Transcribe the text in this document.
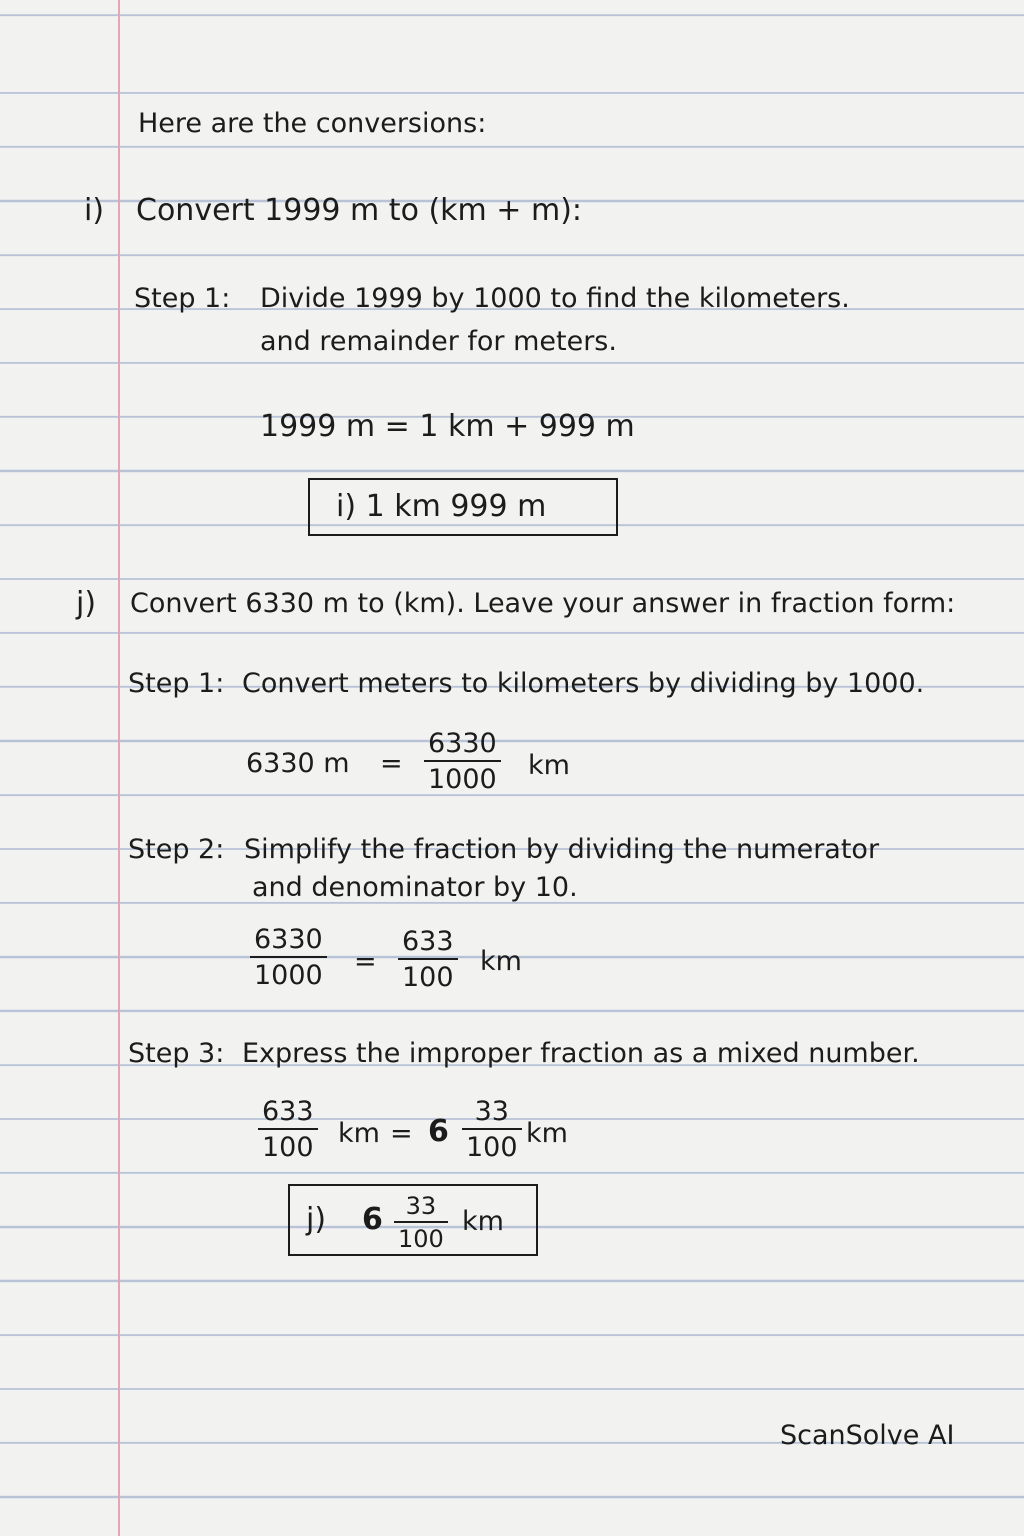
Here are the conversions:
i) Convert 1999 m to (km + m):
Step 1: Divide 1999 by 1000 to find the kilometers.
and remainder for meters.
1999 m = 1 km + 999 m
i) 1 km 999 m
j) Convert 6330 m to (km). Leave your answer in fraction form:
Step 1: Convert meters to kilometers by dividing by 1000.
6330 m =
6330
1000 km
Step 2: Simplify the fraction by dividing the numerator
and denominator by 10.
6330
1000 =
633
100
km
Step 3: Express the improper fraction as a mixed number.
633
100 km = 6
33
100 km
j) 6 33
100
km
ScanSolve AI
